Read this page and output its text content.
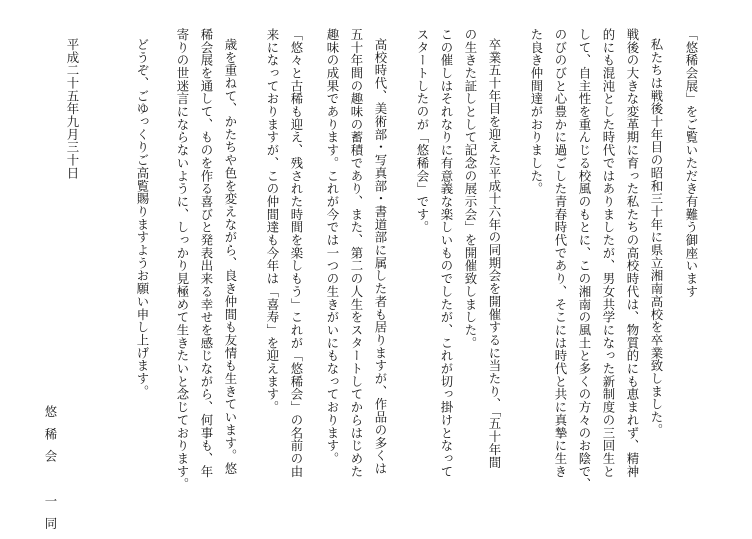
「悠稀会展」をご覧いただき有難う御座います
私たちは戦後十年目の昭和三十年に県立湘南高校を卒業致しました。
戦後の大きな変革期に育った私たちの高校時代は、物質的にも恵まれず、精神
的にも混沌とした時代ではありましたが、男女共学になった新制度の三回生と
して、自主性を重んじる校風のもとに、この湘南の風土と多くの方々のお陰で、
のびのびと心豊かに過ごした青春時代であり、そこには時代と共に真摯に生き
た良き仲間達がおりました。
卒業五十年目を迎えた平成十六年の同期会を開催するに当たり、「五十年間
の生きた証しとして記念の展示会」を開催致しました。
この催しはそれなりに有意義な楽しいものでしたが、これが切っ掛けとなって
スタートしたのが「悠稀会」です。
高校時代、美術部・写真部・書道部に属した者も居りますが、作品の多くは
五十年間の趣味の蓄積であり、また、第二の人生をスタートしてからはじめた
趣味の成果であります。これが今では一つの生きがいにもなっております。
「悠々と古稀も迎え、残された時間を楽しもう」これが「悠稀会」の名前の由
来になっておりますが、この仲間達も今年は「喜寿」を迎えます。
歳を重ねて、かたちや色を変えながら、良き仲間も友情も生きています。悠
稀会展を通して、ものを作る喜びと発表出来る幸せを感じながら、何事も、年
寄りの世迷言にならないように、しっかり見極めて生きたいと念じております。
どうぞ、ごゆっくりご高覧賜りますようお願い申し上げます。
平成二十五年九月三十日
悠稀会　一同
